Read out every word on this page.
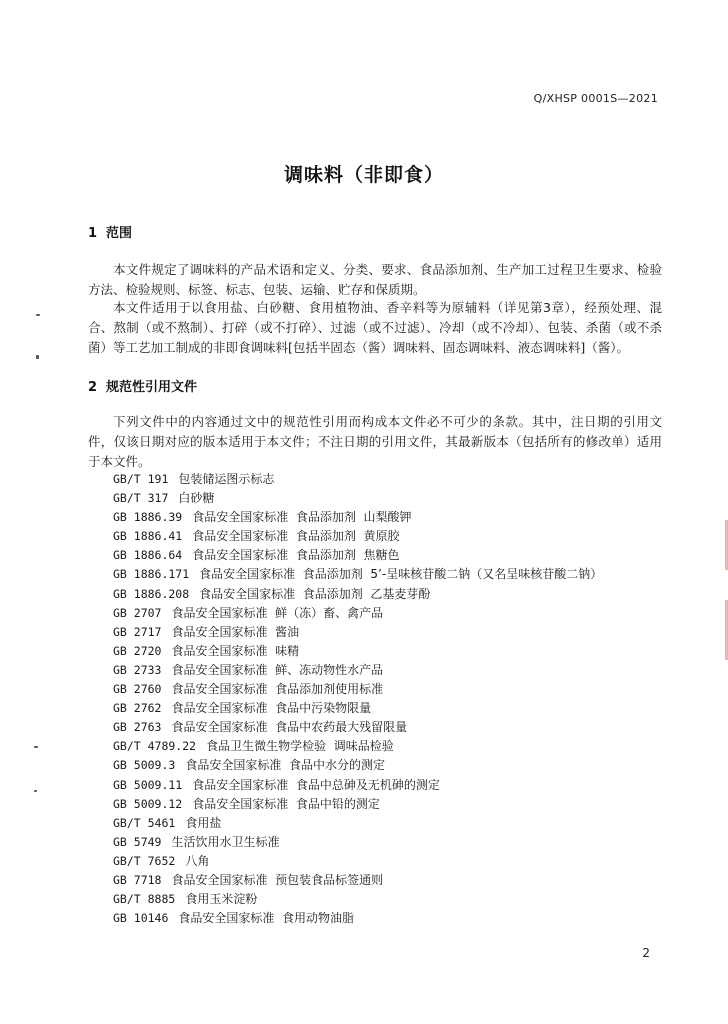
Q/XHSP 0001S—2021
调味料（非即食）
1 范围
本文件规定了调味料的产品术语和定义、分类、要求、食品添加剂、生产加工过程卫生要求、检验方法、检验规则、标签、标志、包装、运输、贮存和保质期。
本文件适用于以食用盐、白砂糖、食用植物油、香辛料等为原辅料（详见第3章），经预处理、混合、熬制（或不熬制）、打碎（或不打碎）、过滤（或不过滤）、冷却（或不冷却）、包装、杀菌（或不杀菌）等工艺加工制成的非即食调味料[包括半固态（酱）调味料、固态调味料、液态调味料]（酱）。
2 规范性引用文件
下列文件中的内容通过文中的规范性引用而构成本文件必不可少的条款。其中，注日期的引用文件，仅该日期对应的版本适用于本文件；不注日期的引用文件，其最新版本（包括所有的修改单）适用于本文件。
GB/T 191 包装储运图示标志
GB/T 317 白砂糖
GB 1886.39 食品安全国家标准  食品添加剂  山梨酸钾
GB 1886.41 食品安全国家标准  食品添加剂  黄原胶
GB 1886.64 食品安全国家标准  食品添加剂  焦糖色
GB 1886.171 食品安全国家标准  食品添加剂  5’-呈味核苷酸二钠（又名呈味核苷酸二钠）
GB 1886.208 食品安全国家标准  食品添加剂  乙基麦芽酚
GB 2707 食品安全国家标准  鲜（冻）畜、禽产品
GB 2717 食品安全国家标准  酱油
GB 2720 食品安全国家标准  味精
GB 2733 食品安全国家标准  鲜、冻动物性水产品
GB 2760 食品安全国家标准  食品添加剂使用标准
GB 2762 食品安全国家标准  食品中污染物限量
GB 2763 食品安全国家标准  食品中农药最大残留限量
GB/T 4789.22 食品卫生微生物学检验  调味品检验
GB 5009.3 食品安全国家标准  食品中水分的测定
GB 5009.11 食品安全国家标准  食品中总砷及无机砷的测定
GB 5009.12 食品安全国家标准  食品中铅的测定
GB/T 5461 食用盐
GB 5749 生活饮用水卫生标准
GB/T 7652 八角
GB 7718 食品安全国家标准  预包装食品标签通则
GB/T 8885 食用玉米淀粉
GB 10146 食品安全国家标准  食用动物油脂
2
